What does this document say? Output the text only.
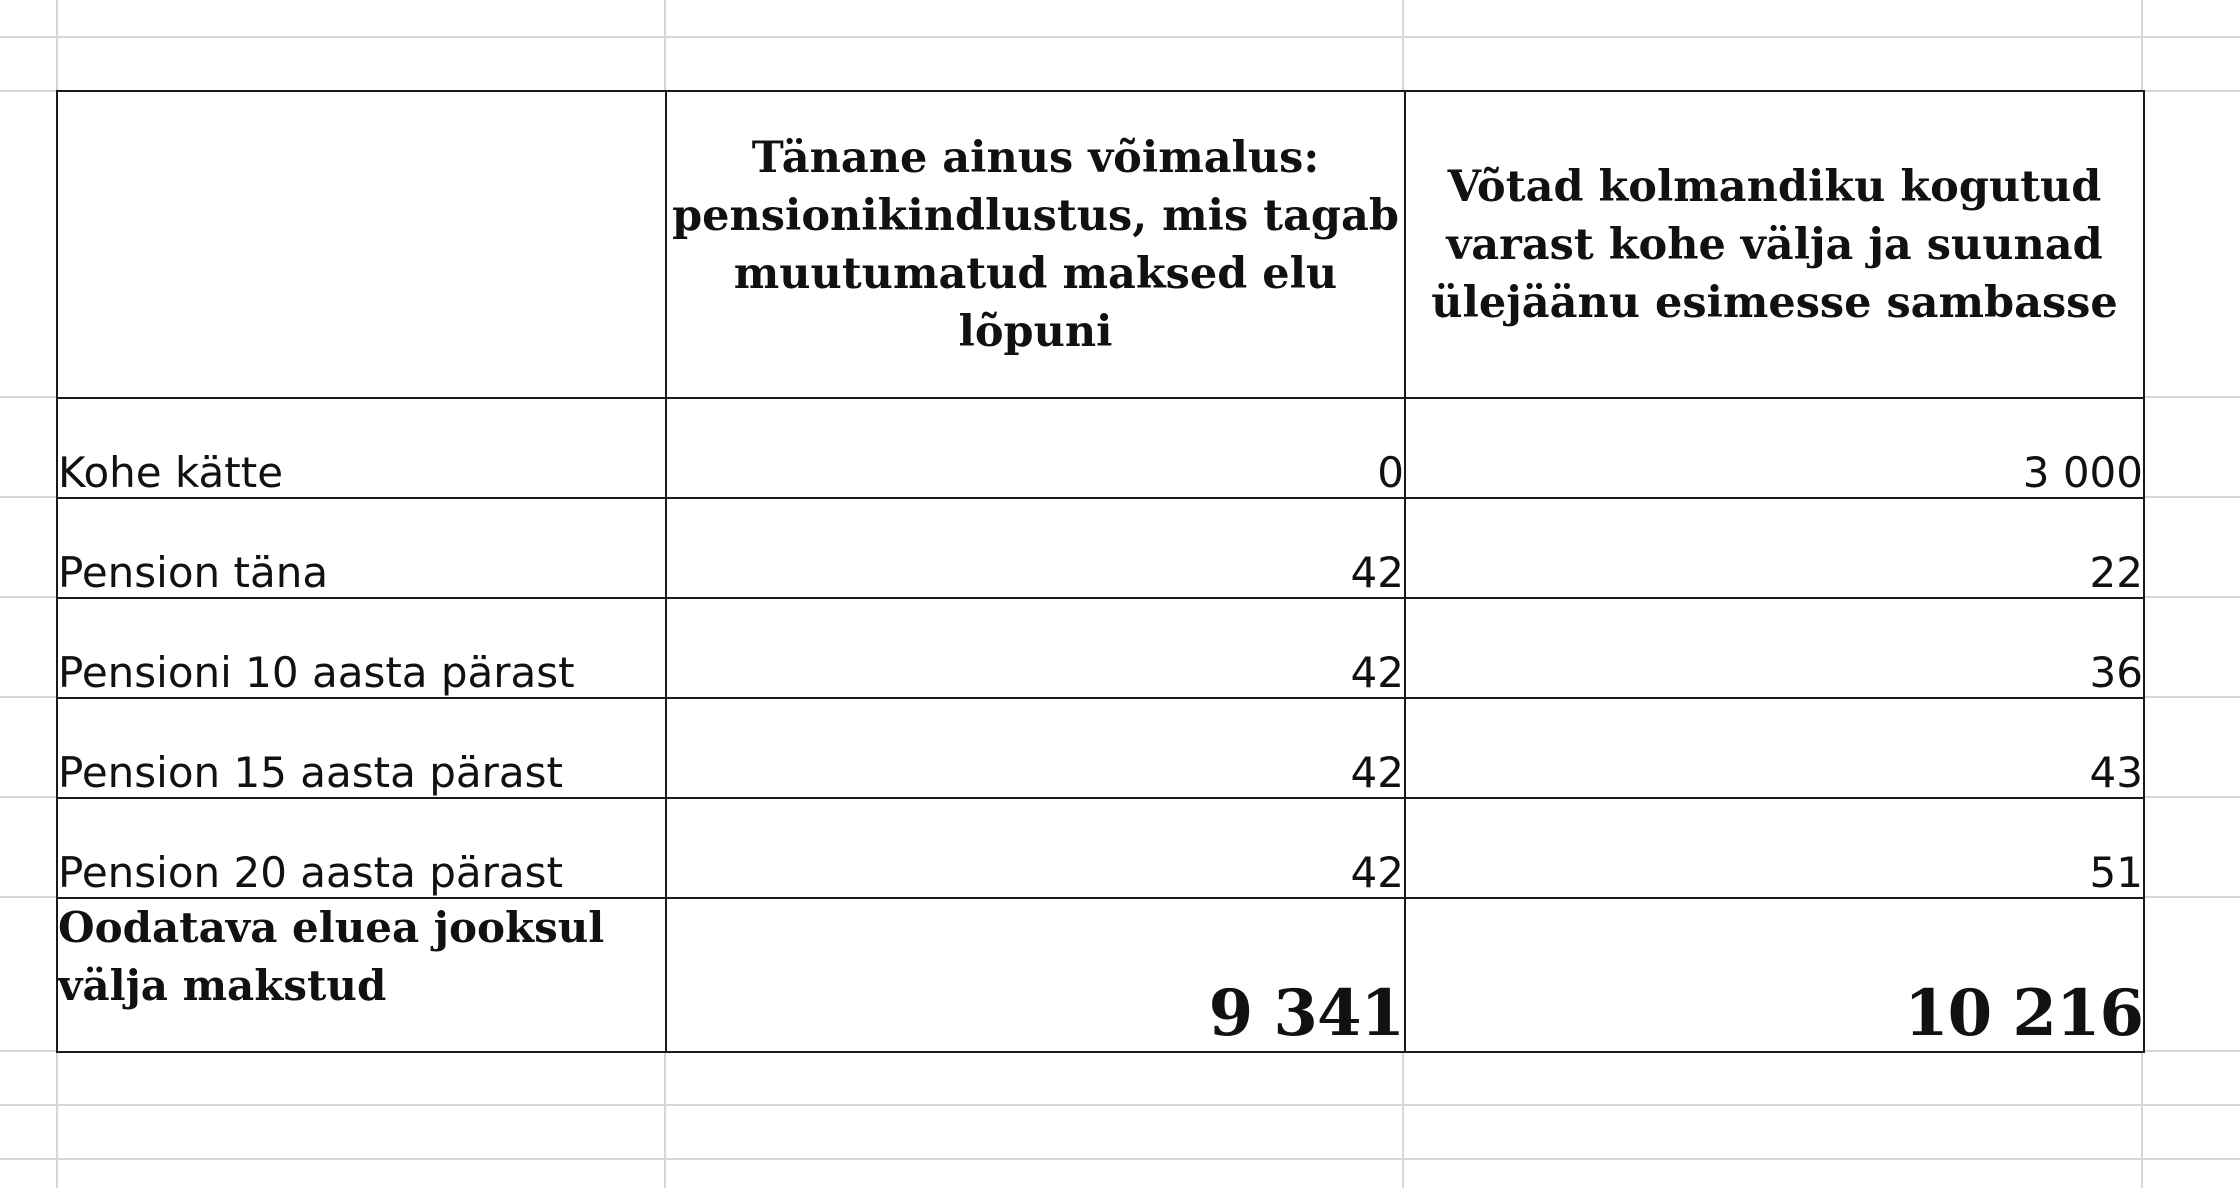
	Tänane ainus võimalus: pensionikindlustus, mis tagab muutumatud maksed elu lõpuni	Võtad kolmandiku kogutud varast kohe välja ja suunad ülejäänu esimesse sambasse
Kohe kätte	0	3 000
Pension täna	42	22
Pensioni 10 aasta pärast	42	36
Pension 15 aasta pärast	42	43
Pension 20 aasta pärast	42	51
Oodatava eluea jooksul välja makstud	9 341	10 216
